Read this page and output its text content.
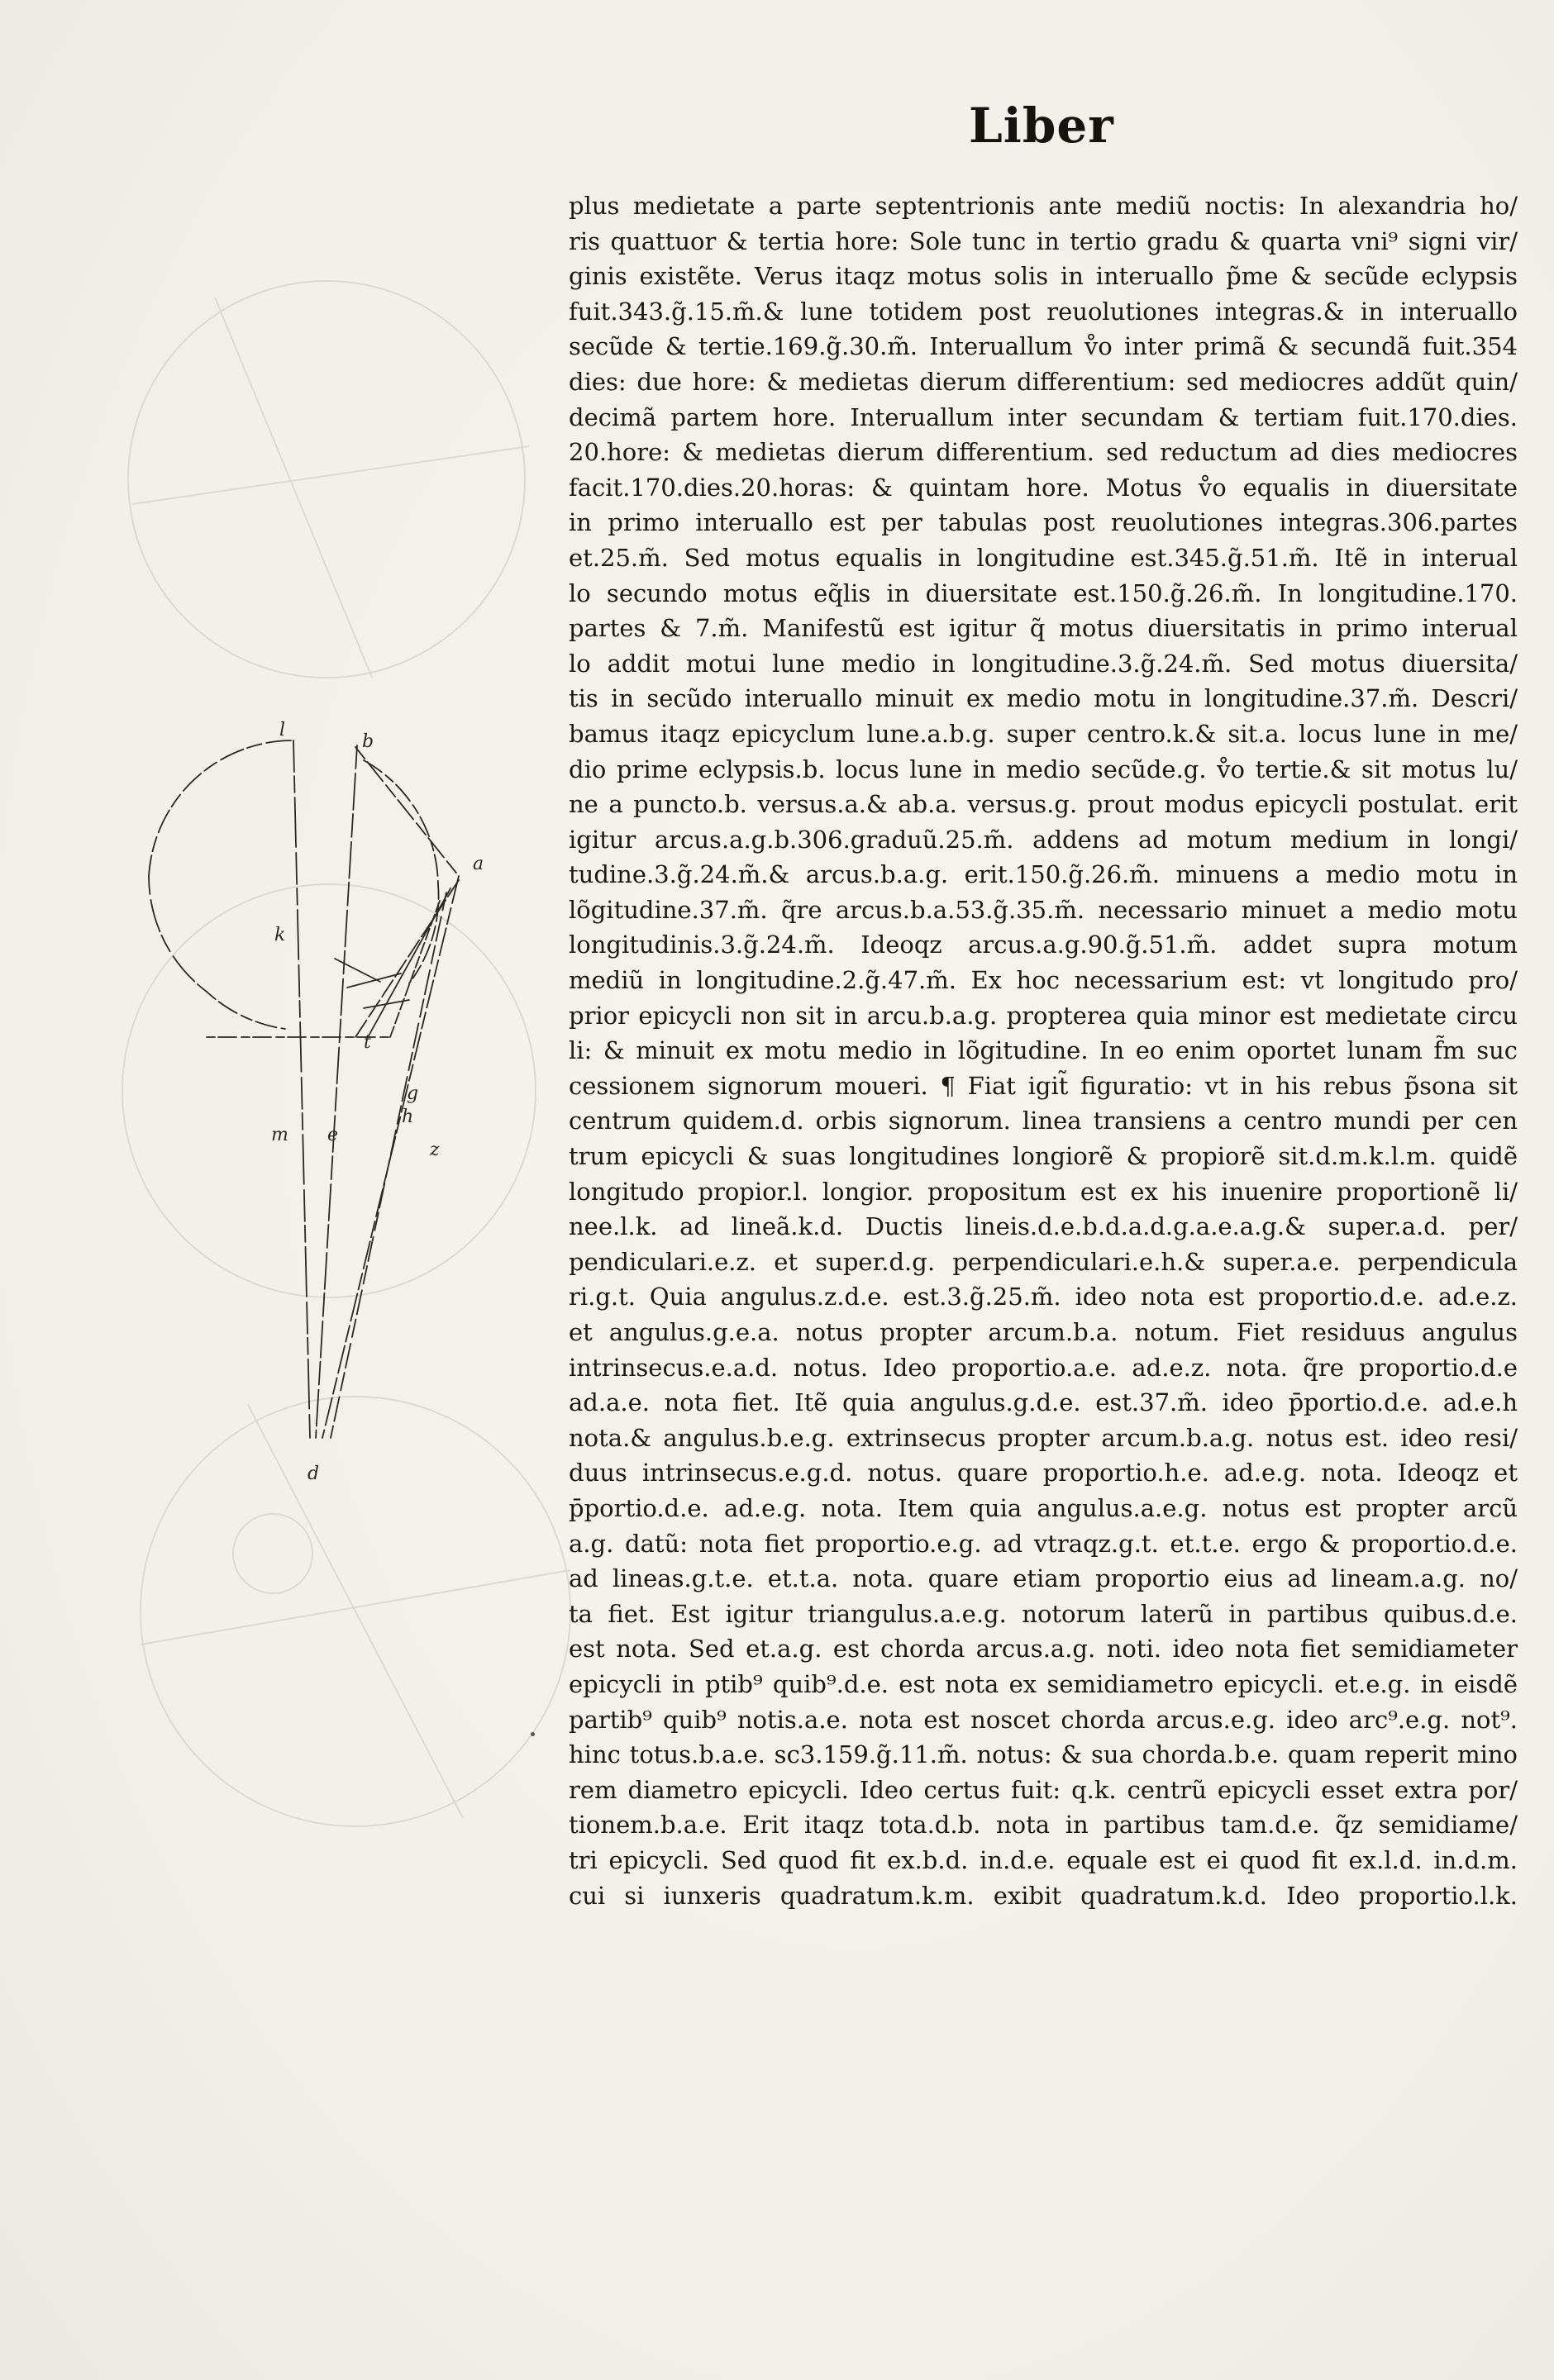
Liber
plus medietate a parte septentrionis ante mediũ noctis: In alexandria ho/
ris quattuor & tertia hore: Sole tunc in tertio gradu & quarta vni⁹ signi vir/
ginis existẽte. Verus itaqz motus solis in interuallo p̃me & secũde eclypsis
fuit.343.g̃.15.m̃.& lune totidem post reuolutiones integras.& in interuallo
secũde & tertie.169.g̃.30.m̃. Interuallum v̊o inter primã & secundã fuit.354
dies: due hore: & medietas dierum differentium: sed mediocres addũt quin/
decimã partem hore. Interuallum inter secundam & tertiam fuit.170.dies.
20.hore: & medietas dierum differentium. sed reductum ad dies mediocres
facit.170.dies.20.horas: & quintam hore. Motus v̊o equalis in diuersitate
in primo interuallo est per tabulas post reuolutiones integras.306.partes
et.25.m̃. Sed motus equalis in longitudine est.345.g̃.51.m̃. Itẽ in interual
lo secundo motus eq̃lis in diuersitate est.150.g̃.26.m̃. In longitudine.170.
partes & 7.m̃. Manifestũ est igitur q̃ motus diuersitatis in primo interual
lo addit motui lune medio in longitudine.3.g̃.24.m̃. Sed motus diuersita/
tis in secũdo interuallo minuit ex medio motu in longitudine.37.m̃. Descri/
bamus itaqz epicyclum lune.a.b.g. super centro.k.& sit.a. locus lune in me/
dio prime eclypsis.b. locus lune in medio secũde.g. v̊o tertie.& sit motus lu/
ne a puncto.b. versus.a.& ab.a. versus.g. prout modus epicycli postulat. erit
igitur arcus.a.g.b.306.graduũ.25.m̃. addens ad motum medium in longi/
tudine.3.g̃.24.m̃.& arcus.b.a.g. erit.150.g̃.26.m̃. minuens a medio motu in
lõgitudine.37.m̃. q̃re arcus.b.a.53.g̃.35.m̃. necessario minuet a medio motu
longitudinis.3.g̃.24.m̃. Ideoqz arcus.a.g.90.g̃.51.m̃. addet supra motum
mediũ in longitudine.2.g̃.47.m̃. Ex hoc necessarium est: vt longitudo pro/
prior epicycli non sit in arcu.b.a.g. propterea quia minor est medietate circu
li: & minuit ex motu medio in lõgitudine. In eo enim oportet lunam f̃m suc
cessionem signorum moueri. ¶ Fiat igit̃ figuratio: vt in his rebus p̃sona sit
centrum quidem.d. orbis signorum. linea transiens a centro mundi per cen
trum epicycli & suas longitudines longiorẽ & propiorẽ sit.d.m.k.l.m. quidẽ
longitudo propior.l. longior. propositum est ex his inuenire proportionẽ li/
nee.l.k. ad lineã.k.d. Ductis lineis.d.e.b.d.a.d.g.a.e.a.g.& super.a.d. per/
pendiculari.e.z. et super.d.g. perpendiculari.e.h.& super.a.e. perpendicula
ri.g.t. Quia angulus.z.d.e. est.3.g̃.25.m̃. ideo nota est proportio.d.e. ad.e.z.
et angulus.g.e.a. notus propter arcum.b.a. notum. Fiet residuus angulus
intrinsecus.e.a.d. notus. Ideo proportio.a.e. ad.e.z. nota. q̃re proportio.d.e
ad.a.e. nota fiet. Itẽ quia angulus.g.d.e. est.37.m̃. ideo p̄portio.d.e. ad.e.h
nota.& angulus.b.e.g. extrinsecus propter arcum.b.a.g. notus est. ideo resi/
duus intrinsecus.e.g.d. notus. quare proportio.h.e. ad.e.g. nota. Ideoqz et
p̄portio.d.e. ad.e.g. nota. Item quia angulus.a.e.g. notus est propter arcũ
a.g. datũ: nota fiet proportio.e.g. ad vtraqz.g.t. et.t.e. ergo & proportio.d.e.
ad lineas.g.t.e. et.t.a. nota. quare etiam proportio eius ad lineam.a.g. no/
ta fiet. Est igitur triangulus.a.e.g. notorum laterũ in partibus quibus.d.e.
est nota. Sed et.a.g. est chorda arcus.a.g. noti. ideo nota fiet semidiameter
epicycli in ptib⁹ quib⁹.d.e. est nota ex semidiametro epicycli. et.e.g. in eisdẽ
partib⁹ quib⁹ notis.a.e. nota est noscet chorda arcus.e.g. ideo arc⁹.e.g. not⁹.
hinc totus.b.a.e. sc3.159.g̃.11.m̃. notus: & sua chorda.b.e. quam reperit mino
rem diametro epicycli. Ideo certus fuit: q.k. centrũ epicycli esset extra por/
tionem.b.a.e. Erit itaqz tota.d.b. nota in partibus tam.d.e. q̃z semidiame/
tri epicycli. Sed quod fit ex.b.d. in.d.e. equale est ei quod fit ex.l.d. in.d.m.
cui si iunxeris quadratum.k.m. exibit quadratum.k.d. Ideo proportio.l.k.
l
b
a
k
t
g
h
z
m e
d
